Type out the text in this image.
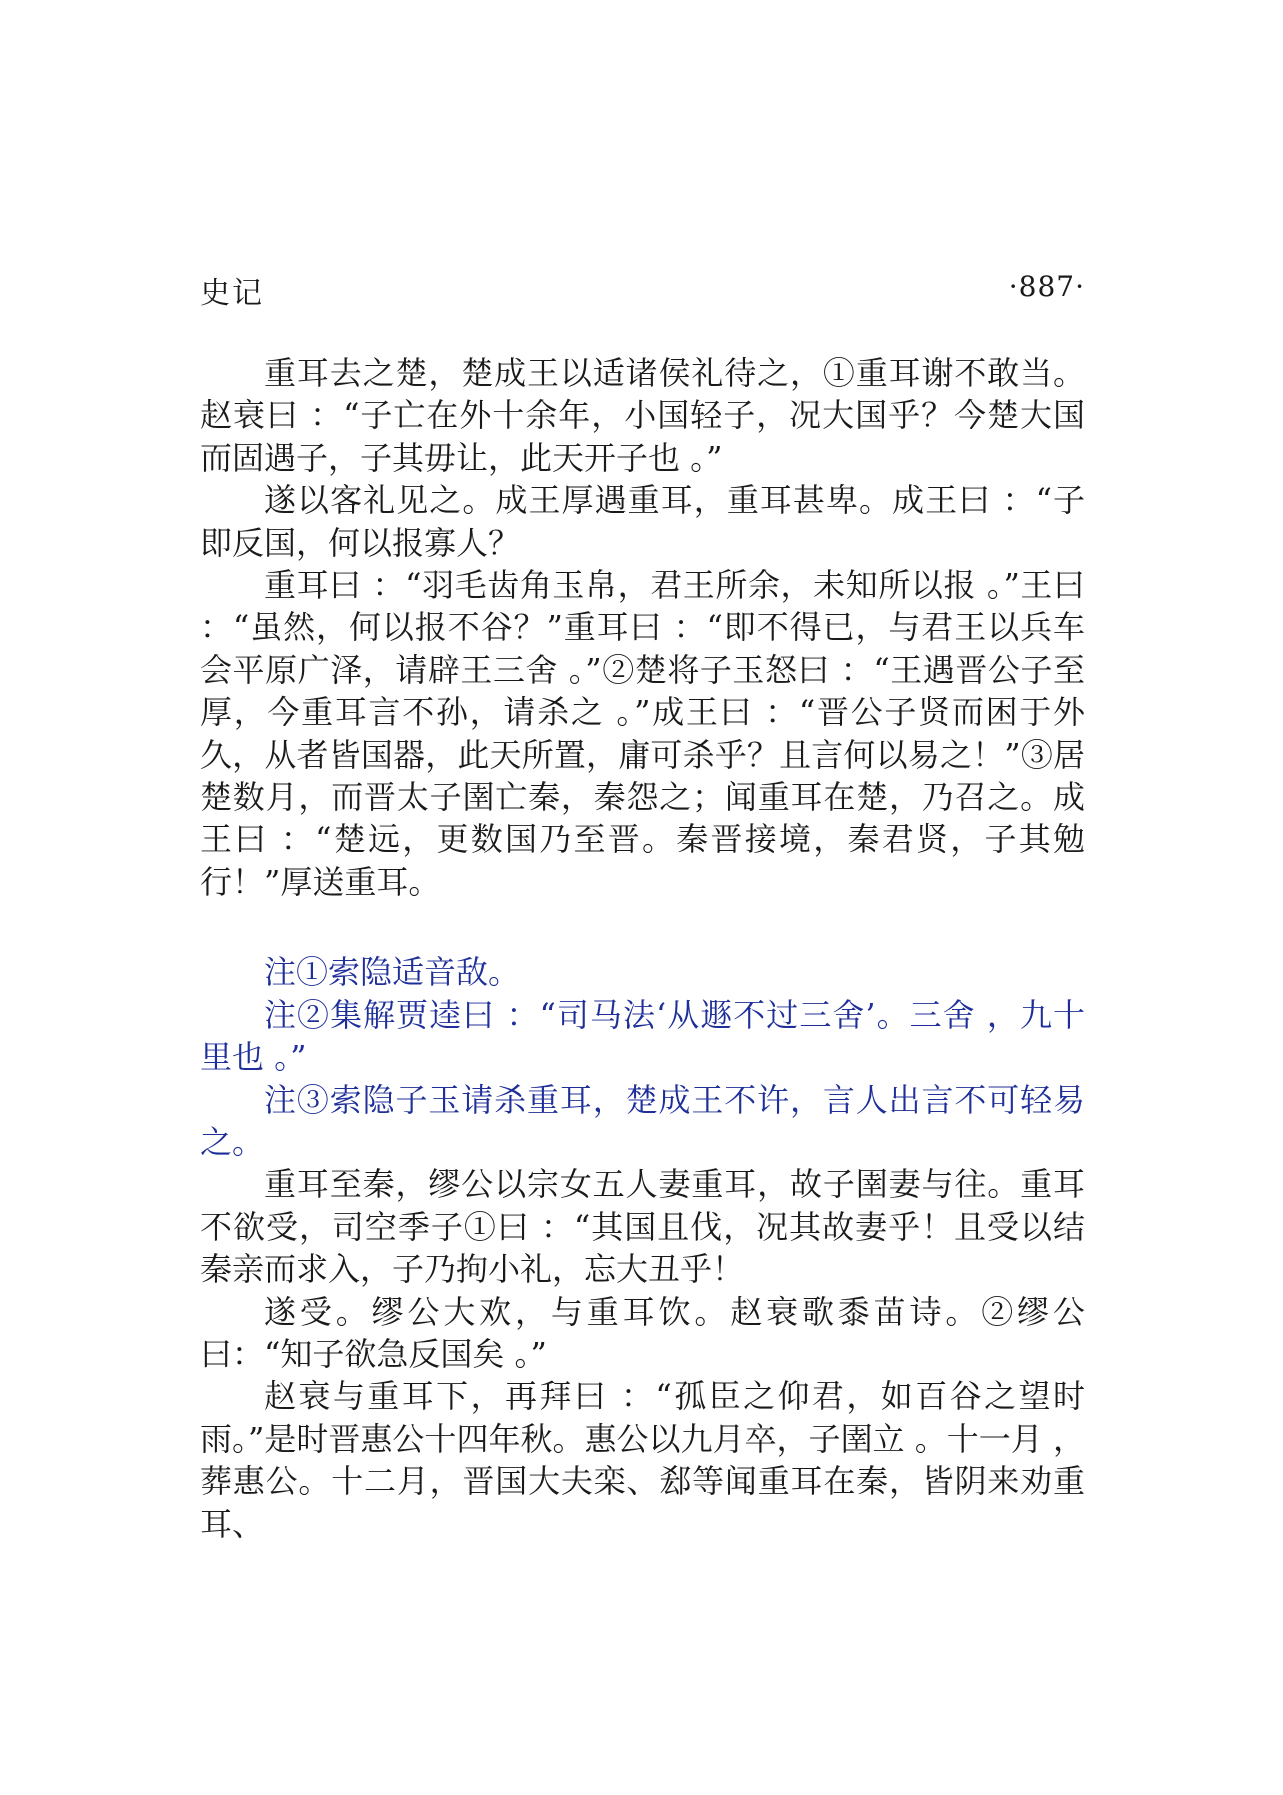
史记	·887·

重耳去之楚，楚成王以适诸侯礼待之，①重耳谢不敢当。赵衰曰 ：“子亡在外十余年，小国轻子，况大国乎？今楚大国而固遇子，子其毋让，此天开子也 。”

遂以客礼见之。成王厚遇重耳，重耳甚卑。成王曰 ：“子即反国，何以报寡人？

重耳曰 ：“羽毛齿角玉帛，君王所余，未知所以报 。”王曰 ：“虽然，何以报不谷？”重耳曰 ：“即不得已，与君王以兵车会平原广泽，请辟王三舍 。”②楚将子玉怒曰 ：“王遇晋公子至厚，今重耳言不孙，请杀之 。”成王曰 ：“晋公子贤而困于外久，从者皆国器，此天所置，庸可杀乎？且言何以易之！”③居楚数月，而晋太子圉亡秦，秦怨之；闻重耳在楚，乃召之。成王曰 ：“楚远，更数国乃至晋。秦晋接境，秦君贤，子其勉行！”厚送重耳。

注①索隐适音敌。

注②集解贾逵曰 ：“司马法‘从遯不过三舍’。三舍 ，九十里也 。”

注③索隐子玉请杀重耳，楚成王不许，言人出言不可轻易之。

重耳至秦，缪公以宗女五人妻重耳，故子圉妻与往。重耳不欲受，司空季子①曰 ：“其国且伐，况其故妻乎！且受以结秦亲而求入，子乃拘小礼，忘大丑乎！

遂受。缪公大欢，与重耳饮。赵衰歌黍苗诗。②缪公曰：“知子欲急反国矣 。”

赵衰与重耳下，再拜曰 ：“孤臣之仰君，如百谷之望时雨。”是时晋惠公十四年秋。惠公以九月卒，子圉立 。十一月 ，葬惠公。十二月，晋国大夫栾、郄等闻重耳在秦，皆阴来劝重耳、
